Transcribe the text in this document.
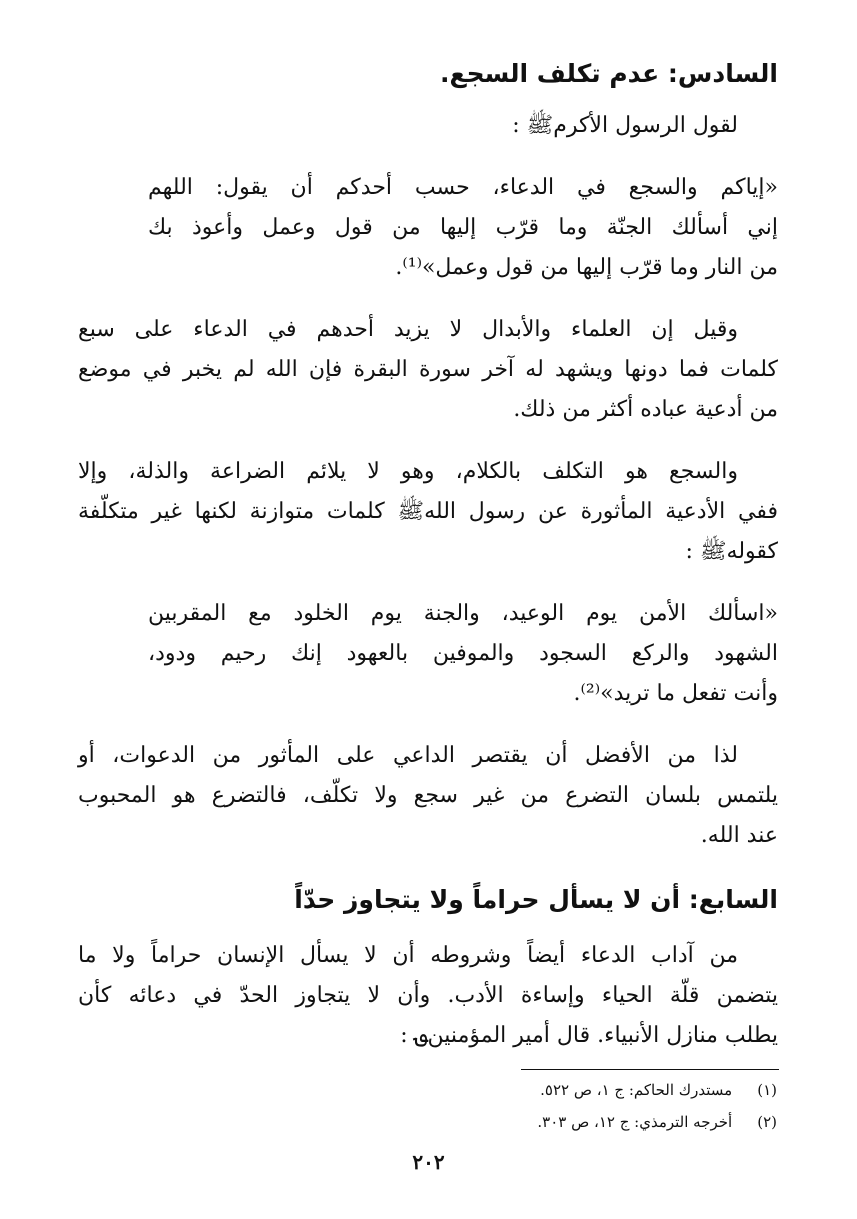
السادس: عدم تكلف السجع.
لقول الرسول الأكرمﷺ :
«إياكم والسجع في الدعاء، حسب أحدكم أن يقول: اللهم
إني أسألك الجنّة وما قرّب إليها من قول وعمل وأعوذ بك
من النار وما قرّب إليها من قول وعمل»⁽¹⁾.
وقيل إن العلماء والأبدال لا يزيد أحدهم في الدعاء على سبع
كلمات فما دونها ويشهد له آخر سورة البقرة فإن الله لم يخبر في موضع
من أدعية عباده أكثر من ذلك.
والسجع هو التكلف بالكلام، وهو لا يلائم الضراعة والذلة، وإلا
ففي الأدعية المأثورة عن رسول اللهﷺ كلمات متوازنة لكنها غير متكلّفة
كقولهﷺ :
«اسألك الأمن يوم الوعيد، والجنة يوم الخلود مع المقربين
الشهود والركع السجود والموفين بالعهود إنك رحيم ودود،
وأنت تفعل ما تريد»⁽²⁾.
لذا من الأفضل أن يقتصر الداعي على المأثور من الدعوات، أو
يلتمس بلسان التضرع من غير سجع ولا تكلّف، فالتضرع هو المحبوب
عند الله.
السابع: أن لا يسأل حراماً ولا يتجاوز حدّاً
من آداب الدعاء أيضاً وشروطه أن لا يسأل الإنسان حراماً ولا ما
يتضمن قلّة الحياء وإساءة الأدب. وأن لا يتجاوز الحدّ في دعائه كأن
يطلب منازل الأنبياء. قال أمير المؤمنين؈ :
(١) مستدرك الحاكم: ج ١، ص ٥٢٢.
(٢) أخرجه الترمذي: ج ١٢، ص ٣٠٣.
٢٠٢
